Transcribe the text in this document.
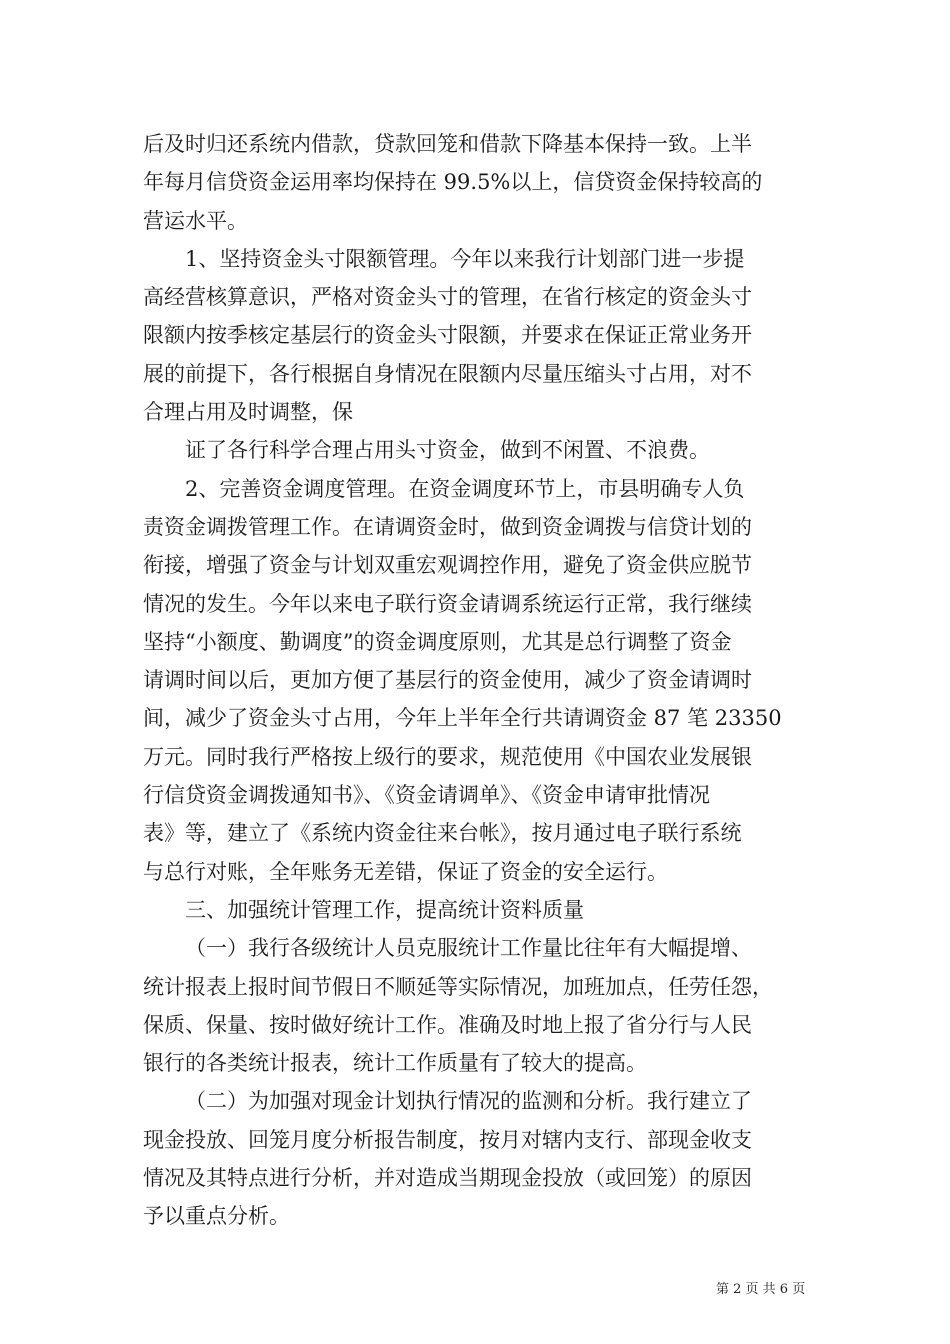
后及时归还系统内借款，贷款回笼和借款下降基本保持一致。上半
年每月信贷资金运用率均保持在 99.5%以上，信贷资金保持较高的
营运水平。

1、坚持资金头寸限额管理。今年以来我行计划部门进一步提
高经营核算意识，严格对资金头寸的管理，在省行核定的资金头寸
限额内按季核定基层行的资金头寸限额，并要求在保证正常业务开
展的前提下，各行根据自身情况在限额内尽量压缩头寸占用，对不
合理占用及时调整，保

证了各行科学合理占用头寸资金，做到不闲置、不浪费。

2、完善资金调度管理。在资金调度环节上，市县明确专人负
责资金调拨管理工作。在请调资金时，做到资金调拨与信贷计划的
衔接，增强了资金与计划双重宏观调控作用，避免了资金供应脱节
情况的发生。今年以来电子联行资金请调系统运行正常，我行继续
坚持“小额度、勤调度”的资金调度原则，尤其是总行调整了资金
请调时间以后，更加方便了基层行的资金使用，减少了资金请调时
间，减少了资金头寸占用，今年上半年全行共请调资金 87 笔 23350
万元。同时我行严格按上级行的要求，规范使用《中国农业发展银
行信贷资金调拨通知书》、《资金请调单》、《资金申请审批情况
表》等，建立了《系统内资金往来台帐》，按月通过电子联行系统
与总行对账，全年账务无差错，保证了资金的安全运行。

三、加强统计管理工作，提高统计资料质量

（一）我行各级统计人员克服统计工作量比往年有大幅提增、
统计报表上报时间节假日不顺延等实际情况，加班加点，任劳任怨，
保质、保量、按时做好统计工作。准确及时地上报了省分行与人民
银行的各类统计报表，统计工作质量有了较大的提高。

（二）为加强对现金计划执行情况的监测和分析。我行建立了
现金投放、回笼月度分析报告制度，按月对辖内支行、部现金收支
情况及其特点进行分析，并对造成当期现金投放（或回笼）的原因
予以重点分析。

第 2 页 共 6 页
